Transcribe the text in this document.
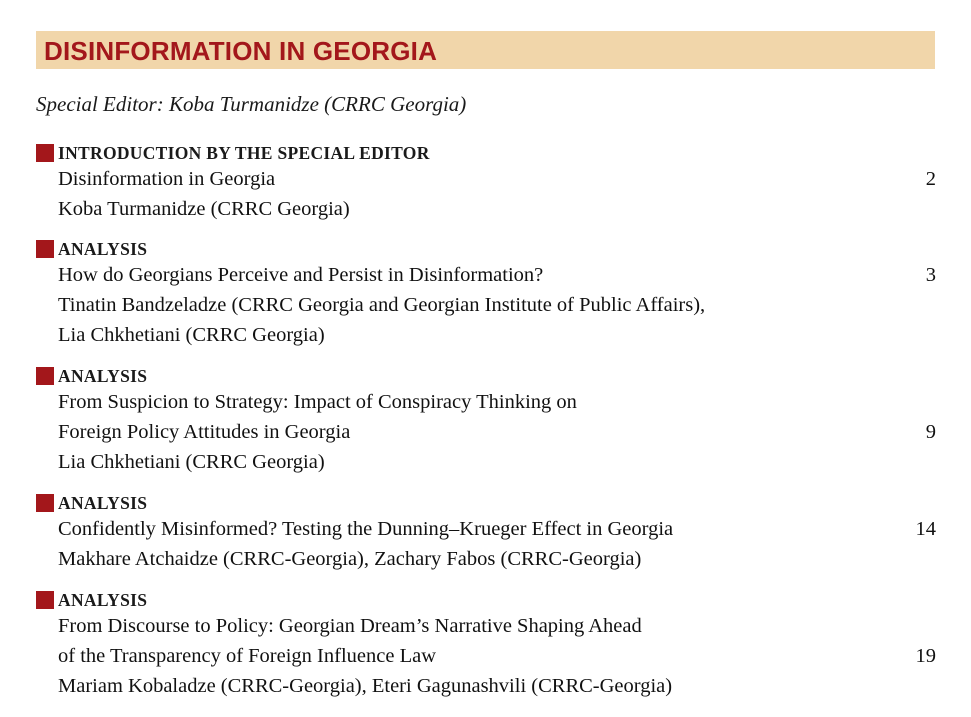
DISINFORMATION IN GEORGIA
Special Editor: Koba Turmanidze (CRRC Georgia)
INTRODUCTION BY THE SPECIAL EDITOR
Disinformation in Georgia	2
Koba Turmanidze (CRRC Georgia)
ANALYSIS
How do Georgians Perceive and Persist in Disinformation?	3
Tinatin Bandzeladze (CRRC Georgia and Georgian Institute of Public Affairs),
Lia Chkhetiani (CRRC Georgia)
ANALYSIS
From Suspicion to Strategy: Impact of Conspiracy Thinking on
Foreign Policy Attitudes in Georgia	9
Lia Chkhetiani (CRRC Georgia)
ANALYSIS
Confidently Misinformed? Testing the Dunning–Krueger Effect in Georgia	14
Makhare Atchaidze (CRRC-Georgia), Zachary Fabos (CRRC-Georgia)
ANALYSIS
From Discourse to Policy: Georgian Dream’s Narrative Shaping Ahead
of the Transparency of Foreign Influence Law	19
Mariam Kobaladze (CRRC-Georgia), Eteri Gagunashvili (CRRC-Georgia)
